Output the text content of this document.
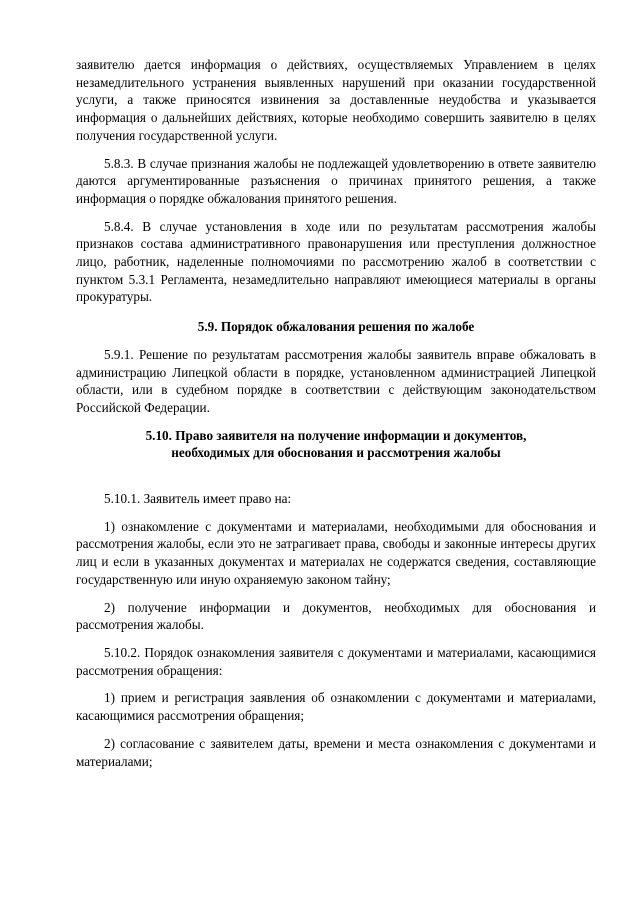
заявителю дается информация о действиях, осуществляемых Управлением в целях незамедлительного устранения выявленных нарушений при оказании государственной услуги, а также приносятся извинения за доставленные неудобства и указывается информация о дальнейших действиях, которые необходимо совершить заявителю в целях получения государственной услуги.

5.8.3. В случае признания жалобы не подлежащей удовлетворению в ответе заявителю даются аргументированные разъяснения о причинах принятого решения, а также информация о порядке обжалования принятого решения.

5.8.4. В случае установления в ходе или по результатам рассмотрения жалобы признаков состава административного правонарушения или преступления должностное лицо, работник, наделенные полномочиями по рассмотрению жалоб в соответствии с пунктом 5.3.1 Регламента, незамедлительно направляют имеющиеся материалы в органы прокуратуры.

5.9. Порядок обжалования решения по жалобе

5.9.1. Решение по результатам рассмотрения жалобы заявитель вправе обжаловать в администрацию Липецкой области в порядке, установленном администрацией Липецкой области, или в судебном порядке в соответствии с действующим законодательством Российской Федерации.

5.10. Право заявителя на получение информации и документов,
необходимых для обоснования и рассмотрения жалобы

5.10.1. Заявитель имеет право на:

1) ознакомление с документами и материалами, необходимыми для обоснования и рассмотрения жалобы, если это не затрагивает права, свободы и законные интересы других лиц и если в указанных документах и материалах не содержатся сведения, составляющие государственную или иную охраняемую законом тайну;

2) получение информации и документов, необходимых для обоснования и рассмотрения жалобы.

5.10.2. Порядок ознакомления заявителя с документами и материалами, касающимися рассмотрения обращения:

1) прием и регистрация заявления об ознакомлении с документами и материалами, касающимися рассмотрения обращения;

2) согласование с заявителем даты, времени и места ознакомления с документами и материалами;
